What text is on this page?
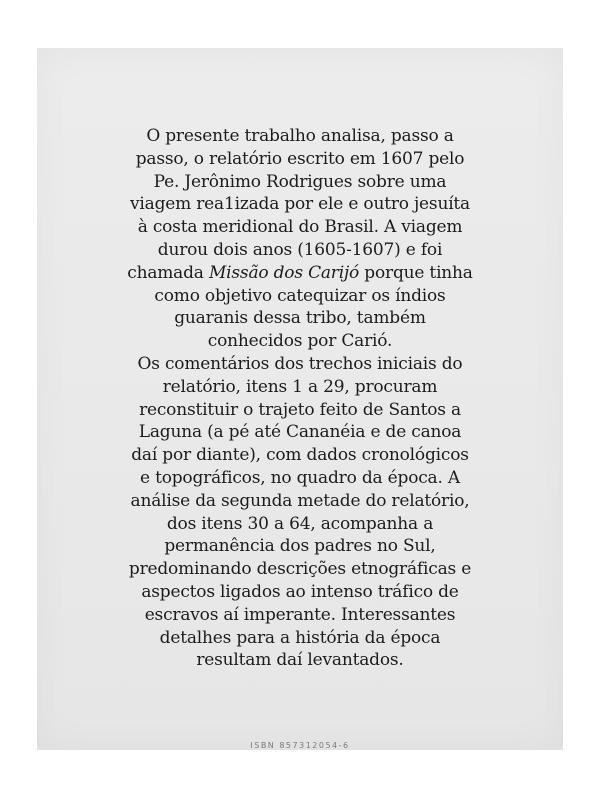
O presente trabalho analisa, passo a
passo, o relatório escrito em 1607 pelo
Pe. Jerônimo Rodrigues sobre uma
viagem rea1izada por ele e outro jesuíta
à costa meridional do Brasil. A viagem
durou dois anos (1605-1607) e foi
chamada Missão dos Carijó porque tinha
como objetivo catequizar os índios
guaranis dessa tribo, também
conhecidos por Carió.
Os comentários dos trechos iniciais do
relatório, itens 1 a 29, procuram
reconstituir o trajeto feito de Santos a
Laguna (a pé até Cananéia e de canoa
daí por diante), com dados cronológicos
e topográficos, no quadro da época. A
análise da segunda metade do relatório,
dos itens 30 a 64, acompanha a
permanência dos padres no Sul,
predominando descrições etnográficas e
aspectos ligados ao intenso tráfico de
escravos aí imperante. Interessantes
detalhes para a história da época
resultam daí levantados.

ISBN 857312054-6
